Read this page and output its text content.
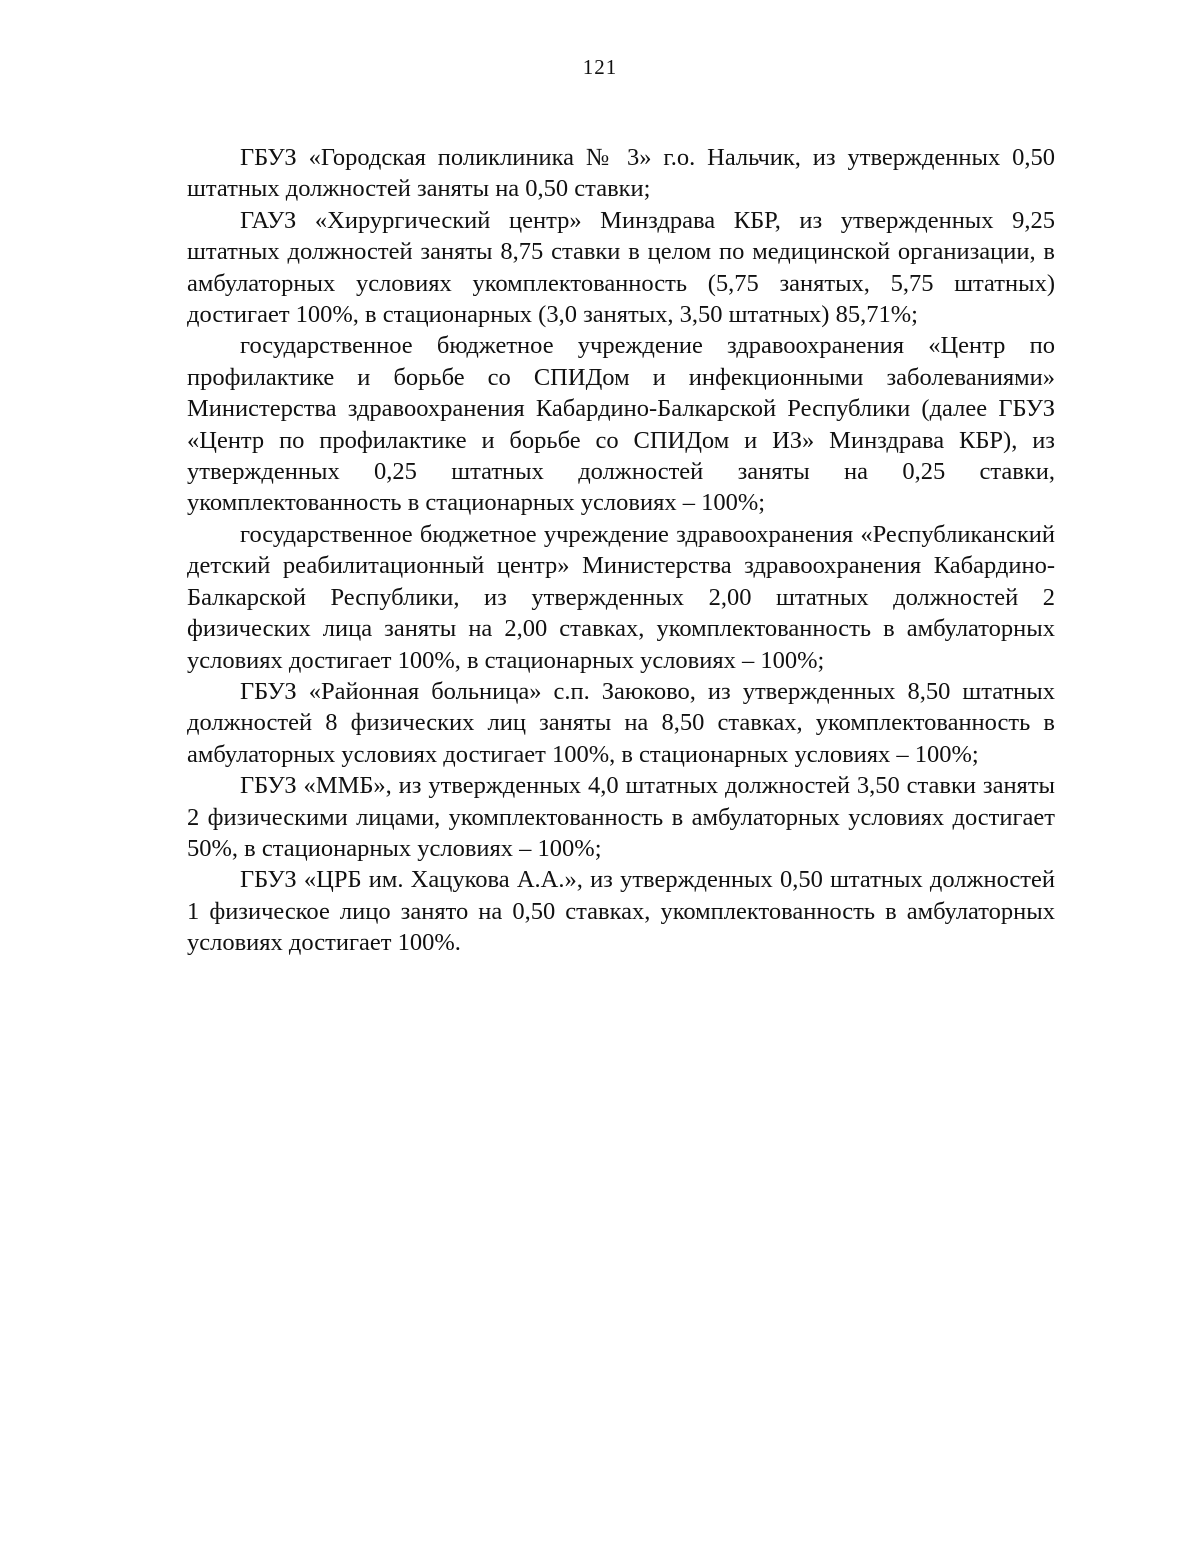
121

ГБУЗ «Городская поликлиника № 3» г.о. Нальчик, из утвержденных 0,50 штатных должностей заняты на 0,50 ставки;

ГАУЗ «Хирургический центр» Минздрава КБР, из утвержденных 9,25 штатных должностей заняты 8,75 ставки в целом по медицинской организации, в амбулаторных условиях укомплектованность (5,75 занятых, 5,75 штатных) достигает 100%, в стационарных (3,0 занятых, 3,50 штатных) 85,71%;

государственное бюджетное учреждение здравоохранения «Центр по профилактике и борьбе со СПИДом и инфекционными заболеваниями» Министерства здравоохранения Кабардино-Балкарской Республики (далее ГБУЗ «Центр по профилактике и борьбе со СПИДом и ИЗ» Минздрава КБР), из утвержденных 0,25 штатных должностей заняты на 0,25 ставки, укомплектованность в стационарных условиях – 100%;

государственное бюджетное учреждение здравоохранения «Республиканский детский реабилитационный центр» Министерства здравоохранения Кабардино-Балкарской Республики, из утвержденных 2,00 штатных должностей 2 физических лица заняты на 2,00 ставках, укомплектованность в амбулаторных условиях достигает 100%, в стационарных условиях – 100%;

ГБУЗ «Районная больница» с.п. Заюково, из утвержденных 8,50 штатных должностей 8 физических лиц заняты на 8,50 ставках, укомплектованность в амбулаторных условиях достигает 100%, в стационарных условиях – 100%;

ГБУЗ «ММБ», из утвержденных 4,0 штатных должностей 3,50 ставки заняты 2 физическими лицами, укомплектованность в амбулаторных условиях достигает 50%, в стационарных условиях – 100%;

ГБУЗ «ЦРБ им. Хацукова А.А.», из утвержденных 0,50 штатных должностей 1 физическое лицо занято на 0,50 ставках, укомплектованность в амбулаторных условиях достигает 100%.
